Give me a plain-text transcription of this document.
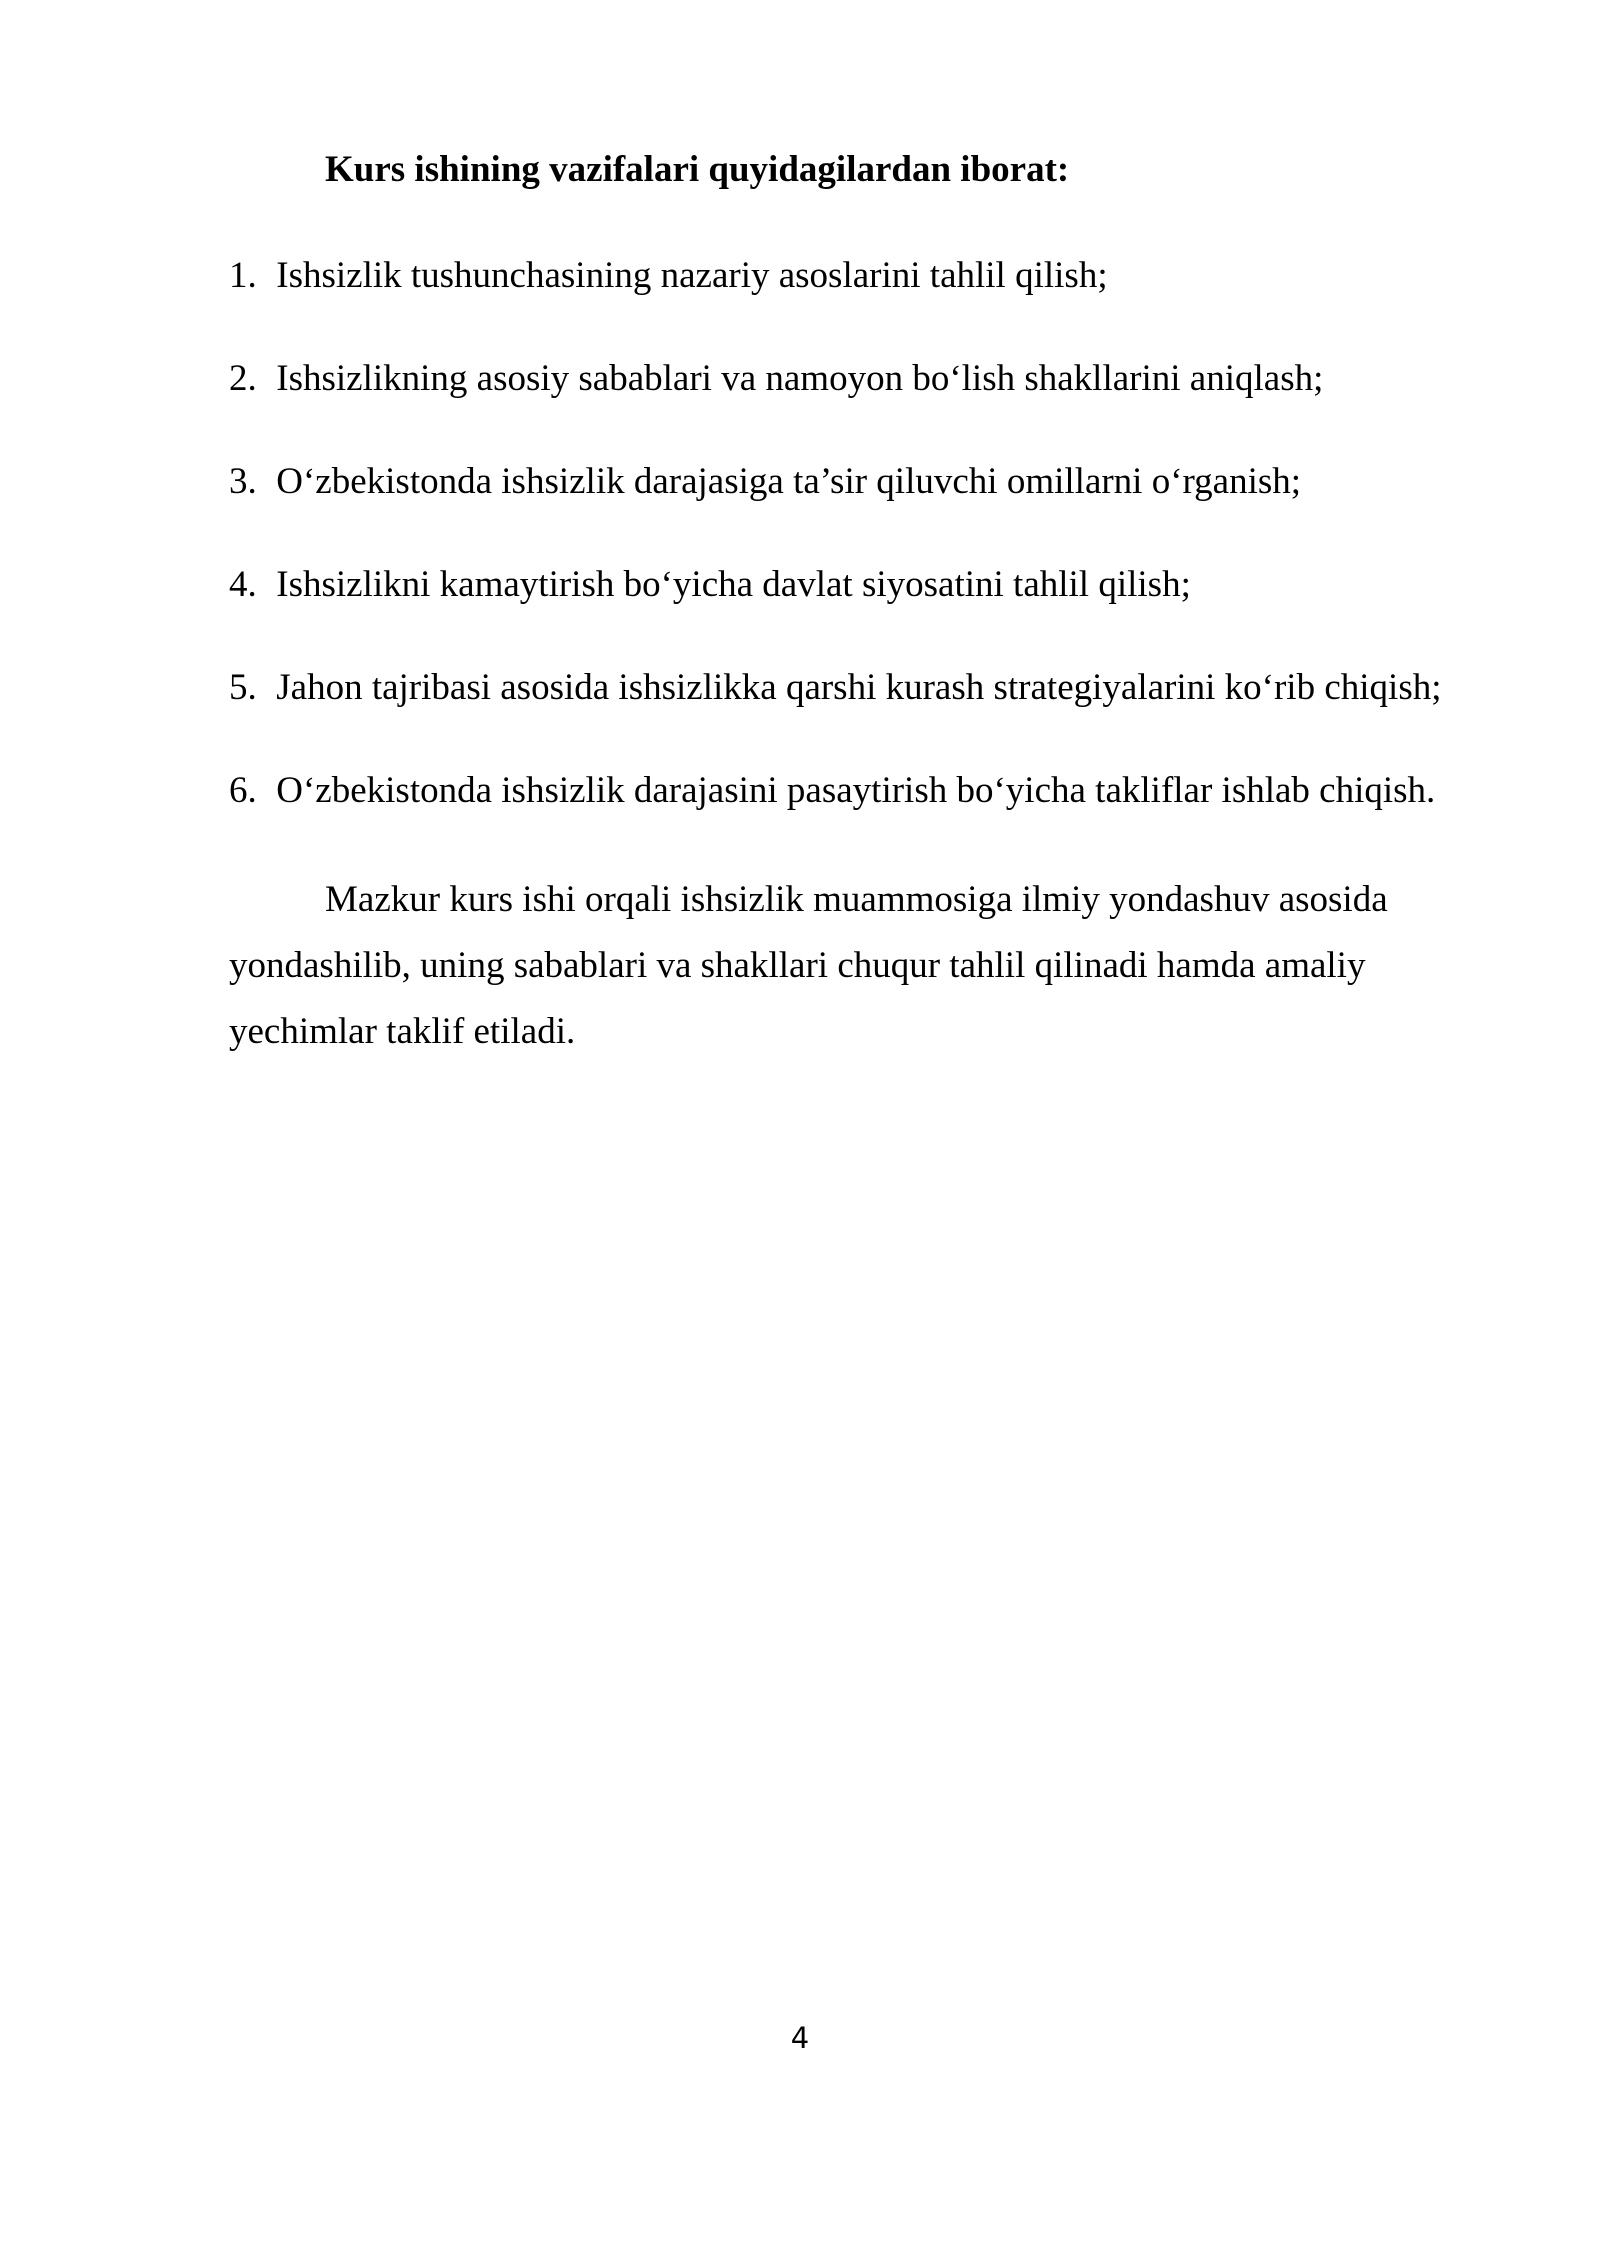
Kurs ishining vazifalari quyidagilardan iborat:
1. Ishsizlik tushunchasining nazariy asoslarini tahlil qilish;
2. Ishsizlikning asosiy sabablari va namoyon bo‘lish shakllarini aniqlash;
3. O‘zbekistonda ishsizlik darajasiga ta’sir qiluvchi omillarni o‘rganish;
4. Ishsizlikni kamaytirish bo‘yicha davlat siyosatini tahlil qilish;
5. Jahon tajribasi asosida ishsizlikka qarshi kurash strategiyalarini ko‘rib chiqish;
6. O‘zbekistonda ishsizlik darajasini pasaytirish bo‘yicha takliflar ishlab chiqish.

Mazkur kurs ishi orqali ishsizlik muammosiga ilmiy yondashuv asosida yondashilib, uning sabablari va shakllari chuqur tahlil qilinadi hamda amaliy yechimlar taklif etiladi.

4
